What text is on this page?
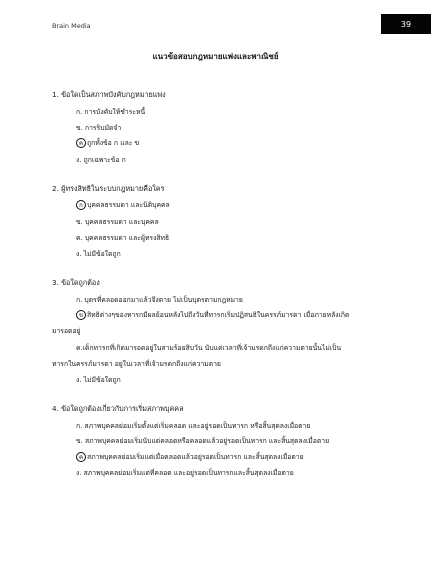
Brain Media	39
แนวข้อสอบกฎหมายแพ่งและพาณิชย์
1. ข้อใดเป็นสภาพบังคับกฎหมายแพ่ง
ก. การบังคับให้ชำระหนี้
ข. การริบมัดจำ
ค ถูกทั้งข้อ ก และ ข
ง. ถูกเฉพาะข้อ ก
2. ผู้ทรงสิทธิในระบบกฎหมายคือใคร
ก บุคคลธรรมดา และนิติบุคคล
ข. บุคคลธรรมดา และบุคคล
ค. บุคคลธรรมดา และผู้ทรงสิทธิ
ง. ไม่มีข้อใดถูก
3. ข้อใดถูกต้อง
ก. บุตรที่คลอดออกมาแล้วจึงตาย ไม่เป็นบุตรตามกฎหมาย
ข สิทธิต่างๆของทารกมีผลย้อนหลังไปถึงวันที่ทารกเริ่มปฏิสนธิในครรภ์มารดา เมื่อภายหลังเกิด
มารอดอยู่
ค.เด็กทารกที่เกิดมารอดอยู่ในสามร้อยสิบวัน นับแต่เวลาที่เจ้ามรดกถึงแก่ความตายนั้นไม่เป็น
ทารกในครรภ์มารดา อยู่ในเวลาที่เจ้ามรดกถึงแก่ความตาย
ง. ไม่มีข้อใดถูก
4. ข้อใดถูกต้องเกี่ยวกับการเริ่มสภาพบุคคล
ก. สภาพบุคคลย่อมเริ่มตั้งแต่เริ่มคลอด และอยู่รอดเป็นทารก หรือสิ้นสุดลงเมื่อตาย
ข. สภาพบุคคลย่อมเริ่มนับแต่คลอดหรือคลอดแล้วอยู่รอดเป็นทารก และสิ้นสุดลงเมื่อตาย
ค สภาพบุคคลย่อมเริ่มแต่เมื่อคลอดแล้วอยู่รอดเป็นทารก และสิ้นสุดลงเมื่อตาย
ง. สภาพบุคคลย่อมเริ่มแต่ที่คลอด และอยู่รอดเป็นทารกและสิ้นสุดลงเมื่อตาย
